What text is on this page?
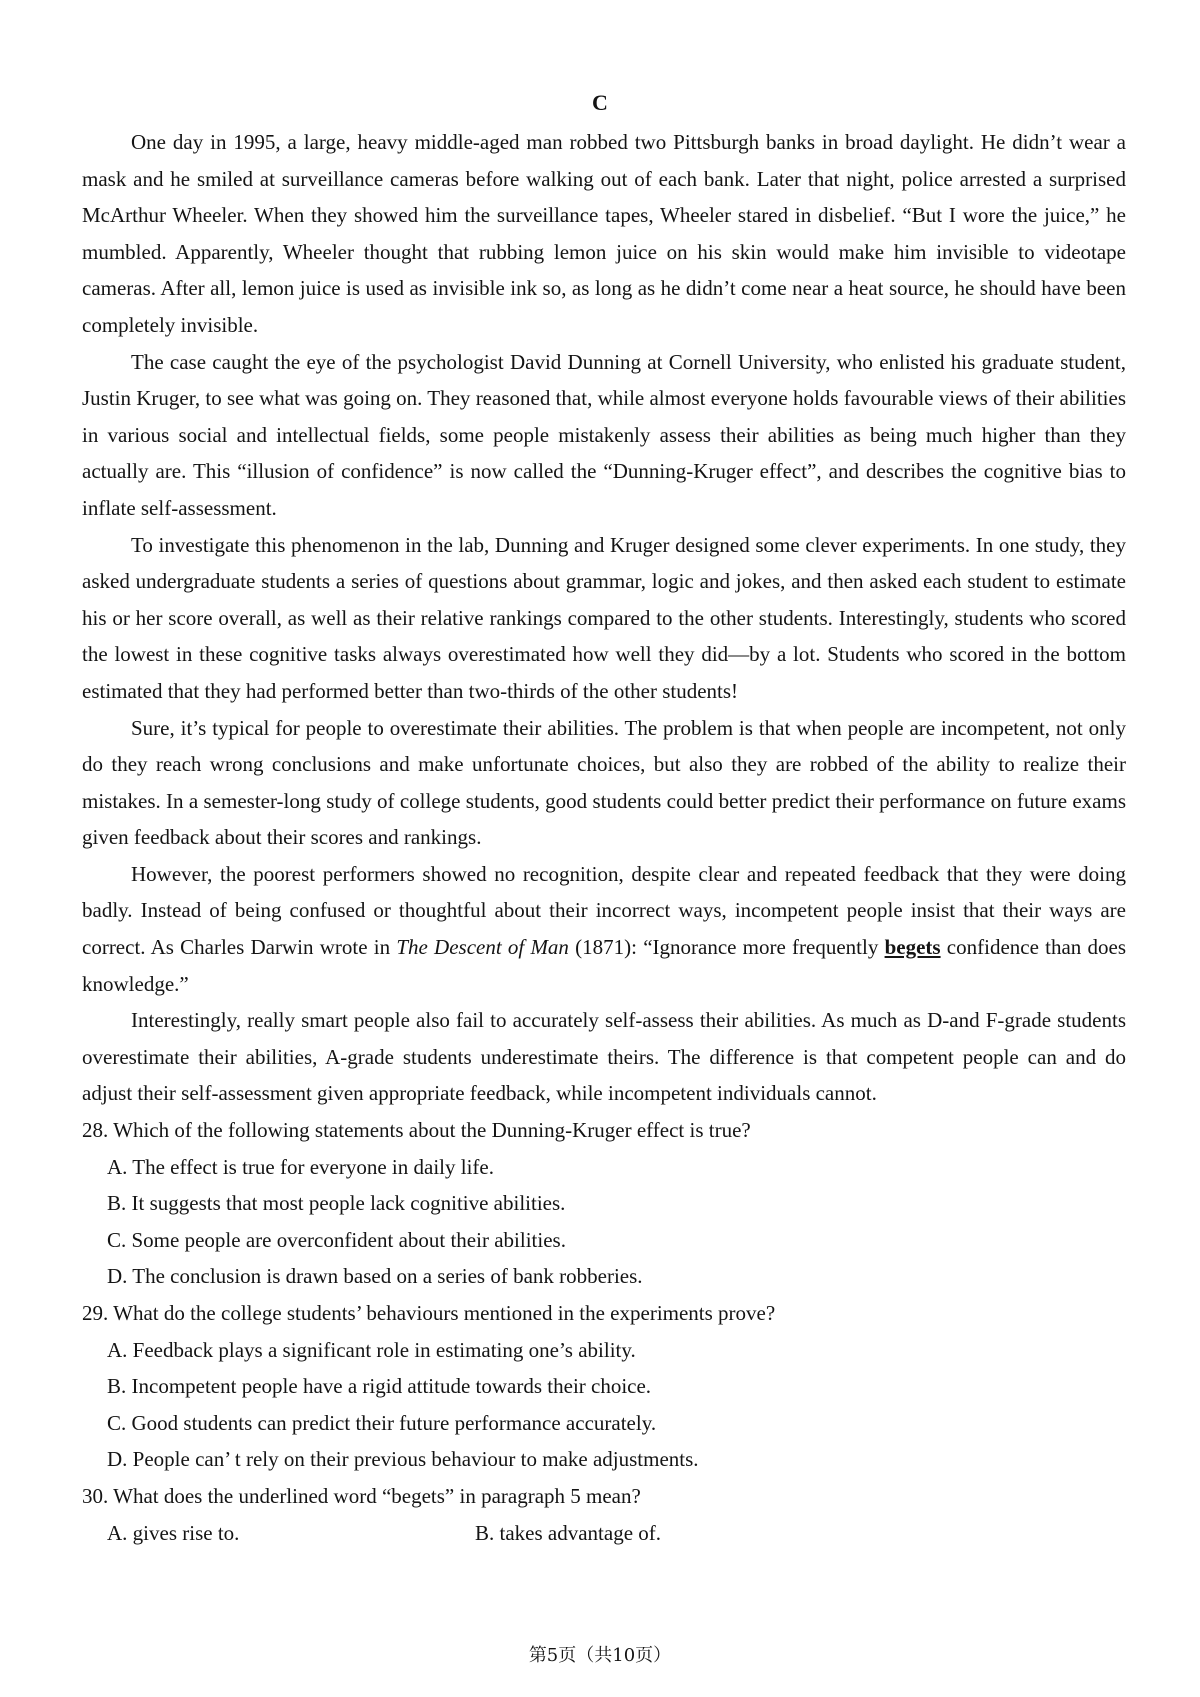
C

One day in 1995, a large, heavy middle-aged man robbed two Pittsburgh banks in broad daylight. He didn’t wear a mask and he smiled at surveillance cameras before walking out of each bank. Later that night, police arrested a surprised McArthur Wheeler. When they showed him the surveillance tapes, Wheeler stared in disbelief. “But I wore the juice,” he mumbled. Apparently, Wheeler thought that rubbing lemon juice on his skin would make him invisible to videotape cameras. After all, lemon juice is used as invisible ink so, as long as he didn’t come near a heat source, he should have been completely invisible.

The case caught the eye of the psychologist David Dunning at Cornell University, who enlisted his graduate student, Justin Kruger, to see what was going on. They reasoned that, while almost everyone holds favourable views of their abilities in various social and intellectual fields, some people mistakenly assess their abilities as being much higher than they actually are. This “illusion of confidence” is now called the “Dunning-Kruger effect”, and describes the cognitive bias to inflate self-assessment.

To investigate this phenomenon in the lab, Dunning and Kruger designed some clever experiments. In one study, they asked undergraduate students a series of questions about grammar, logic and jokes, and then asked each student to estimate his or her score overall, as well as their relative rankings compared to the other students. Interestingly, students who scored the lowest in these cognitive tasks always overestimated how well they did—by a lot. Students who scored in the bottom estimated that they had performed better than two-thirds of the other students!

Sure, it’s typical for people to overestimate their abilities. The problem is that when people are incompetent, not only do they reach wrong conclusions and make unfortunate choices, but also they are robbed of the ability to realize their mistakes. In a semester-long study of college students, good students could better predict their performance on future exams given feedback about their scores and rankings.

However, the poorest performers showed no recognition, despite clear and repeated feedback that they were doing badly. Instead of being confused or thoughtful about their incorrect ways, incompetent people insist that their ways are correct. As Charles Darwin wrote in The Descent of Man (1871): “Ignorance more frequently begets confidence than does knowledge.”

Interestingly, really smart people also fail to accurately self-assess their abilities. As much as D-and F-grade students overestimate their abilities, A-grade students underestimate theirs. The difference is that competent people can and do adjust their self-assessment given appropriate feedback, while incompetent individuals cannot.

28. Which of the following statements about the Dunning-Kruger effect is true?
A. The effect is true for everyone in daily life.
B. It suggests that most people lack cognitive abilities.
C. Some people are overconfident about their abilities.
D. The conclusion is drawn based on a series of bank robberies.
29. What do the college students’ behaviours mentioned in the experiments prove?
A. Feedback plays a significant role in estimating one’s ability.
B. Incompetent people have a rigid attitude towards their choice.
C. Good students can predict their future performance accurately.
D. People can’ t rely on their previous behaviour to make adjustments.
30. What does the underlined word “begets” in paragraph 5 mean?
A. gives rise to.	B. takes advantage of.
第5页（共10页）
